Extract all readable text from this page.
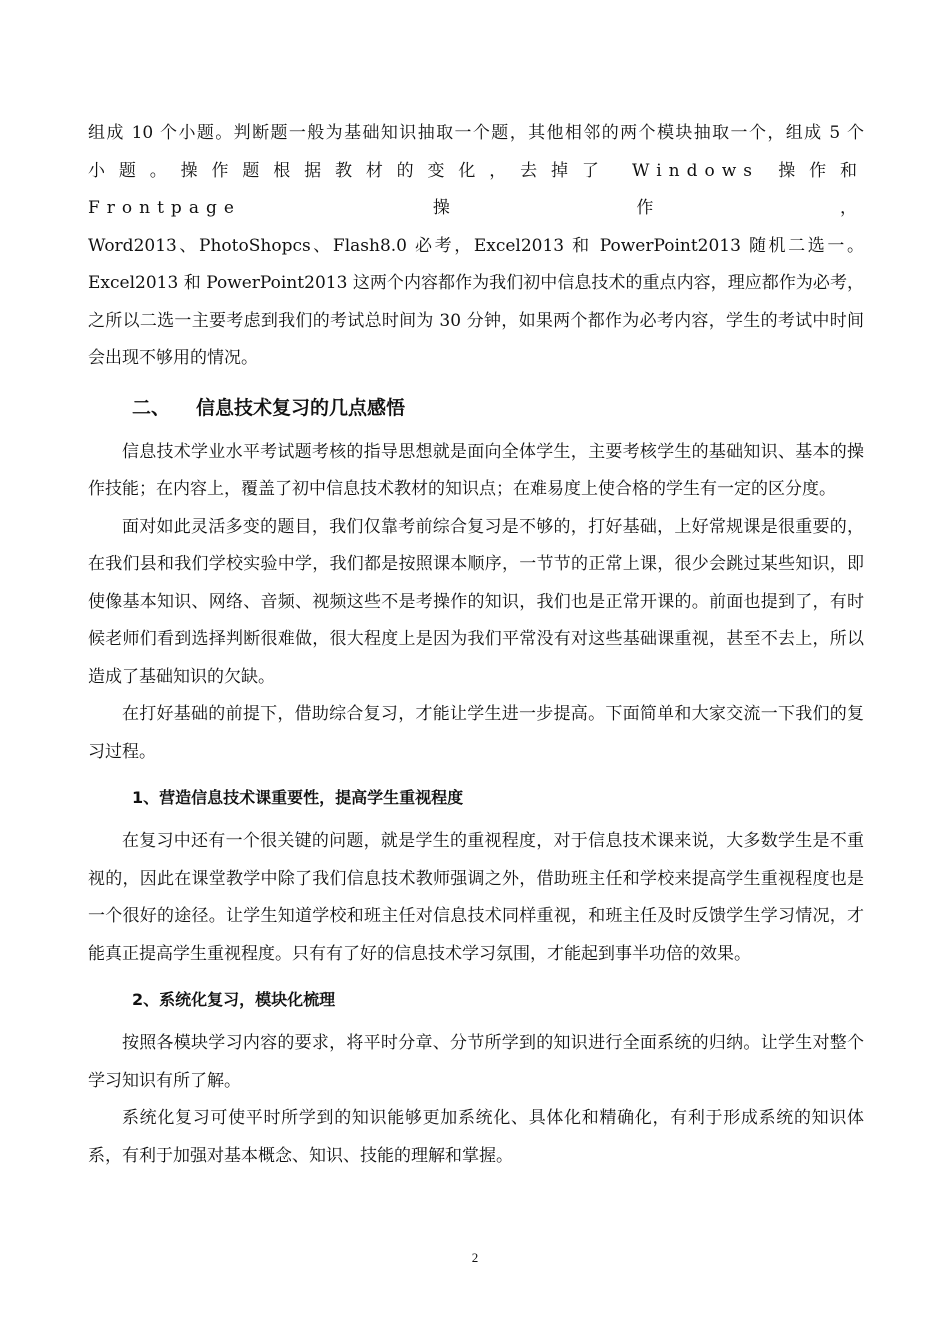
组成 10 个小题。判断题一般为基础知识抽取一个题，其他相邻的两个模块抽取一个，组成 5 个

小题。操作题根据教材的变化，去掉了 Windows 操作和 Frontpage 操作，

Word2013、PhotoShopcs、Flash8.0 必考，Excel2013 和 PowerPoint2013 随机二选一。Excel2013 和 PowerPoint2013 这两个内容都作为我们初中信息技术的重点内容，理应都作为必考，之所以二选一主要考虑到我们的考试总时间为 30 分钟，如果两个都作为必考内容，学生的考试中时间会出现不够用的情况。

二、 信息技术复习的几点感悟

信息技术学业水平考试题考核的指导思想就是面向全体学生，主要考核学生的基础知识、基本的操作技能；在内容上，覆盖了初中信息技术教材的知识点；在难易度上使合格的学生有一定的区分度。

面对如此灵活多变的题目，我们仅靠考前综合复习是不够的，打好基础，上好常规课是很重要的，在我们县和我们学校实验中学，我们都是按照课本顺序，一节节的正常上课，很少会跳过某些知识，即使像基本知识、网络、音频、视频这些不是考操作的知识，我们也是正常开课的。前面也提到了，有时候老师们看到选择判断很难做，很大程度上是因为我们平常没有对这些基础课重视，甚至不去上，所以造成了基础知识的欠缺。

在打好基础的前提下，借助综合复习，才能让学生进一步提高。下面简单和大家交流一下我们的复习过程。

1、营造信息技术课重要性，提高学生重视程度

在复习中还有一个很关键的问题，就是学生的重视程度，对于信息技术课来说，大多数学生是不重视的，因此在课堂教学中除了我们信息技术教师强调之外，借助班主任和学校来提高学生重视程度也是一个很好的途径。让学生知道学校和班主任对信息技术同样重视，和班主任及时反馈学生学习情况，才能真正提高学生重视程度。只有有了好的信息技术学习氛围，才能起到事半功倍的效果。

2、系统化复习，模块化梳理

按照各模块学习内容的要求，将平时分章、分节所学到的知识进行全面系统的归纳。让学生对整个学习知识有所了解。

系统化复习可使平时所学到的知识能够更加系统化、具体化和精确化，有利于形成系统的知识体系，有利于加强对基本概念、知识、技能的理解和掌握。

2
